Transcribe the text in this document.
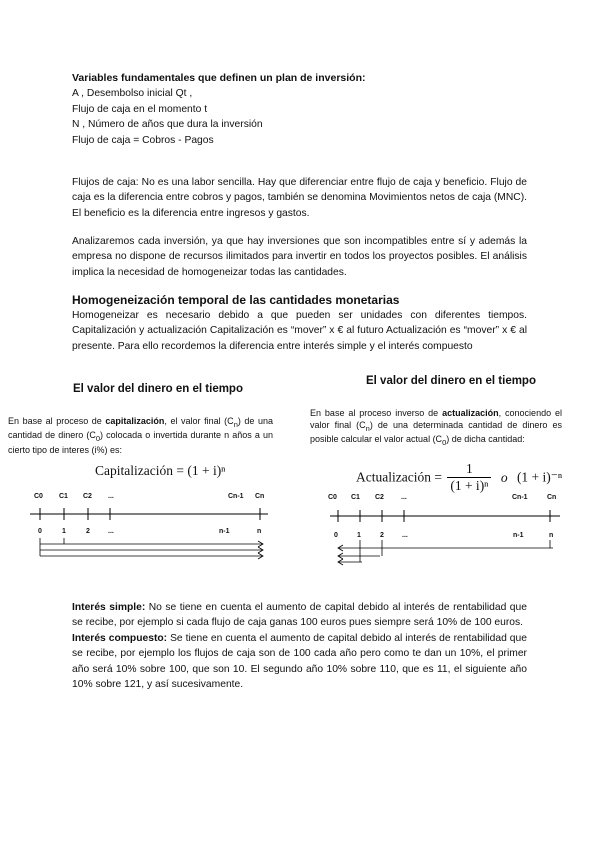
Variables fundamentales que definen un plan de inversión:
A , Desembolso inicial Qt ,
Flujo de caja en el momento t
N , Número de años que dura la inversión
Flujo de caja = Cobros - Pagos

Flujos de caja: No es una labor sencilla. Hay que diferenciar entre flujo de caja y beneficio. Flujo de caja es la diferencia entre cobros y pagos, también se denomina Movimientos netos de caja (MNC). El beneficio es la diferencia entre ingresos y gastos.

Analizaremos cada inversión, ya que hay inversiones que son incompatibles entre sí y además la empresa no dispone de recursos ilimitados para invertir en todos los proyectos posibles. El análisis implica la necesidad de homogeneizar todas las cantidades.

Homogeneización temporal de las cantidades monetarias

Homogeneizar es necesario debido a que pueden ser unidades con diferentes tiempos. Capitalización y actualización Capitalización es “mover” x € al futuro Actualización es “mover” x € al presente. Para ello recordemos la diferencia entre interés simple y el interés compuesto

El valor del dinero en el tiempo
En base al proceso de capitalización, el valor final $(C_n)$ de una cantidad de dinero $(C_0)$ colocada o invertida durante n años a un cierto tipo de interes (i%) es:
Capitalización = (1 + i)ⁿ
El valor del dinero en el tiempo
En base al proceso inverso de actualización, conociendo el valor final $(C_n)$ de una determinada cantidad de dinero es posible calcular el valor actual $(C_0)$ de dicha cantidad:
Actualización = $\frac{1}{\text{(1 + i)ⁿ}}$ o (1 + i)⁻ⁿ
C0 C1 C2 ...	Cn-1 Cn
0	1	2	...	n-1	n
C0 C1 C2 ...	Cn-1	Cn
0	1	2	...	n-1	n

Interés simple: No se tiene en cuenta el aumento de capital debido al interés de rentabilidad que se recibe, por ejemplo si cada flujo de caja ganas 100 euros pues siempre será 10% de 100 euros.

Interés compuesto: Se tiene en cuenta el aumento de capital debido al interés de rentabilidad que se recibe, por ejemplo los flujos de caja son de 100 cada año pero como te dan un 10%, el primer año será 10% sobre 100, que son 10. El segundo año 10% sobre 110, que es 11, el siguiente año 10% sobre 121, y así sucesivamente.
